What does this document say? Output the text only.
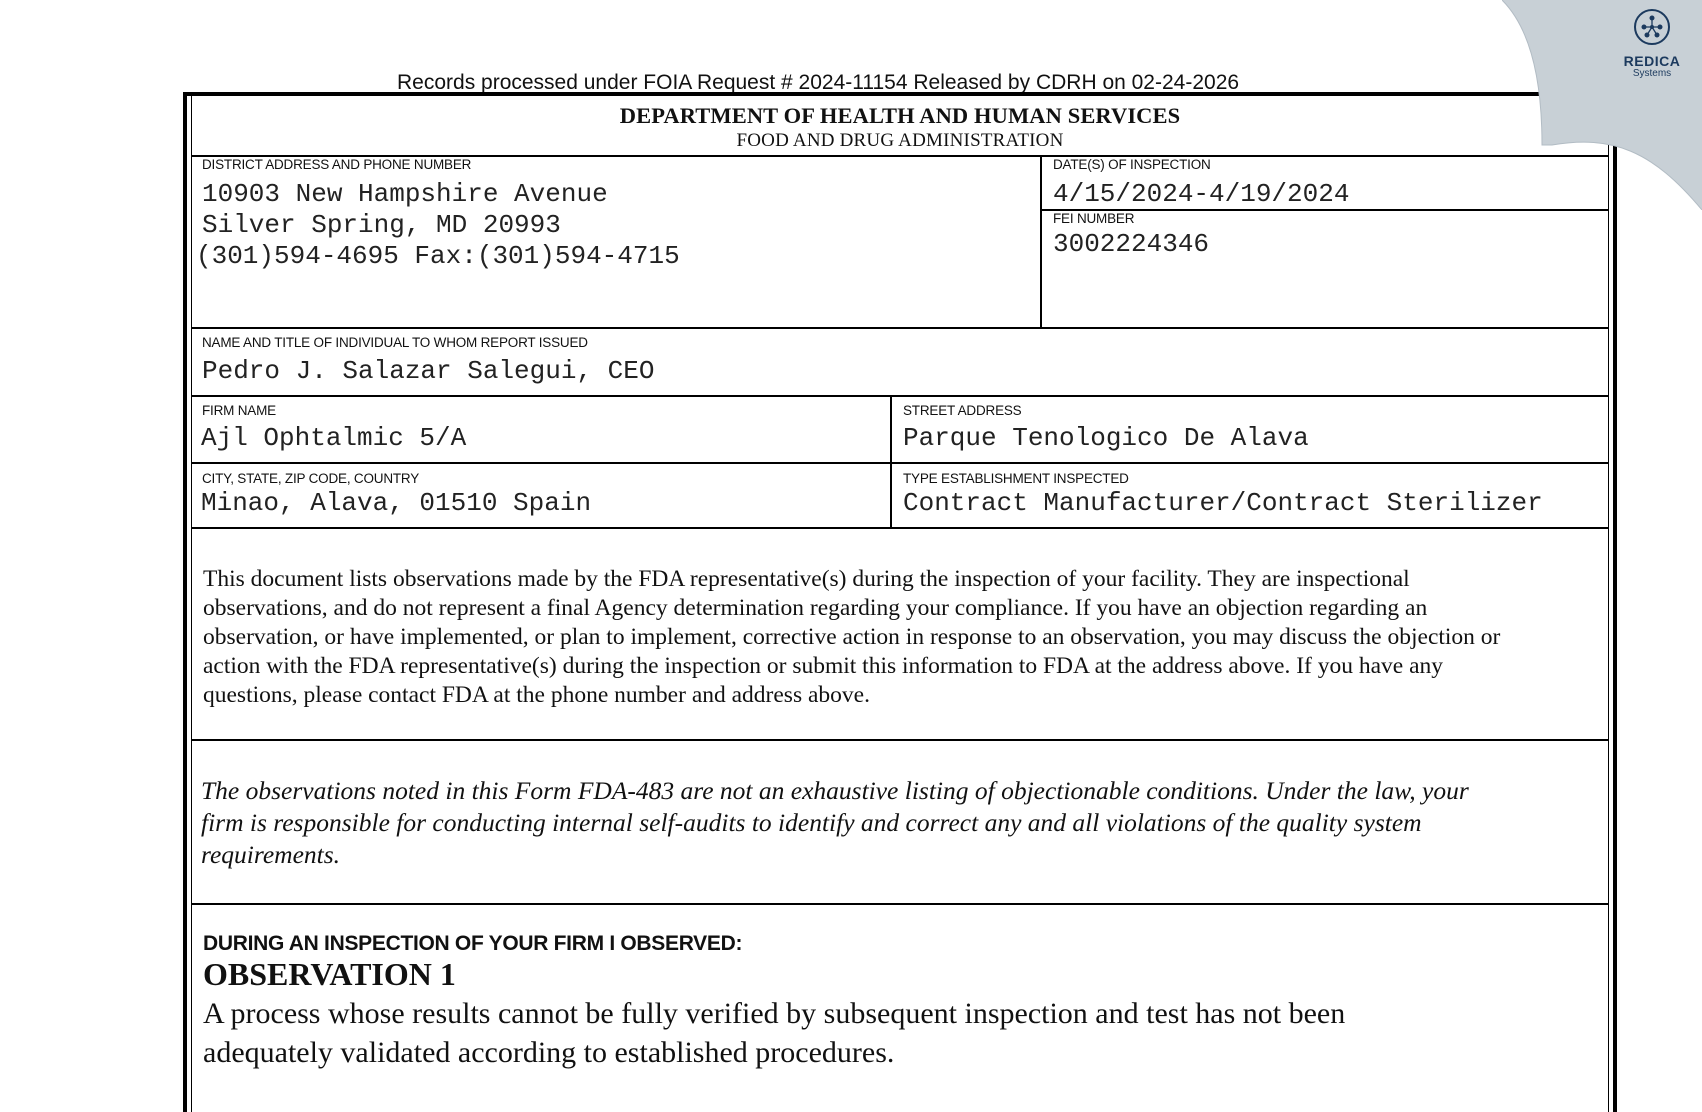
Records processed under FOIA Request # 2024-11154 Released by CDRH on 02-24-2026
DEPARTMENT OF HEALTH AND HUMAN SERVICES
FOOD AND DRUG ADMINISTRATION
DISTRICT ADDRESS AND PHONE NUMBER
10903 New Hampshire Avenue
Silver Spring, MD 20993
(301)594-4695 Fax:(301)594-4715
DATE(S) OF INSPECTION
4/15/2024-4/19/2024
FEI NUMBER
3002224346
NAME AND TITLE OF INDIVIDUAL TO WHOM REPORT ISSUED
Pedro J. Salazar Salegui, CEO
FIRM NAME
Ajl Ophtalmic 5/A
STREET ADDRESS
Parque Tenologico De Alava
CITY, STATE, ZIP CODE, COUNTRY
Minao, Alava, 01510 Spain
TYPE ESTABLISHMENT INSPECTED
Contract Manufacturer/Contract Sterilizer
This document lists observations made by the FDA representative(s) during the inspection of your facility. They are inspectional
observations, and do not represent a final Agency determination regarding your compliance. If you have an objection regarding an
observation, or have implemented, or plan to implement, corrective action in response to an observation, you may discuss the objection or
action with the FDA representative(s) during the inspection or submit this information to FDA at the address above. If you have any
questions, please contact FDA at the phone number and address above.
The observations noted in this Form FDA-483 are not an exhaustive listing of objectionable conditions. Under the law, your
firm is responsible for conducting internal self-audits to identify and correct any and all violations of the quality system
requirements.
DURING AN INSPECTION OF YOUR FIRM I OBSERVED:
OBSERVATION 1
A process whose results cannot be fully verified by subsequent inspection and test has not been
adequately validated according to established procedures.
REDICA
Systems
